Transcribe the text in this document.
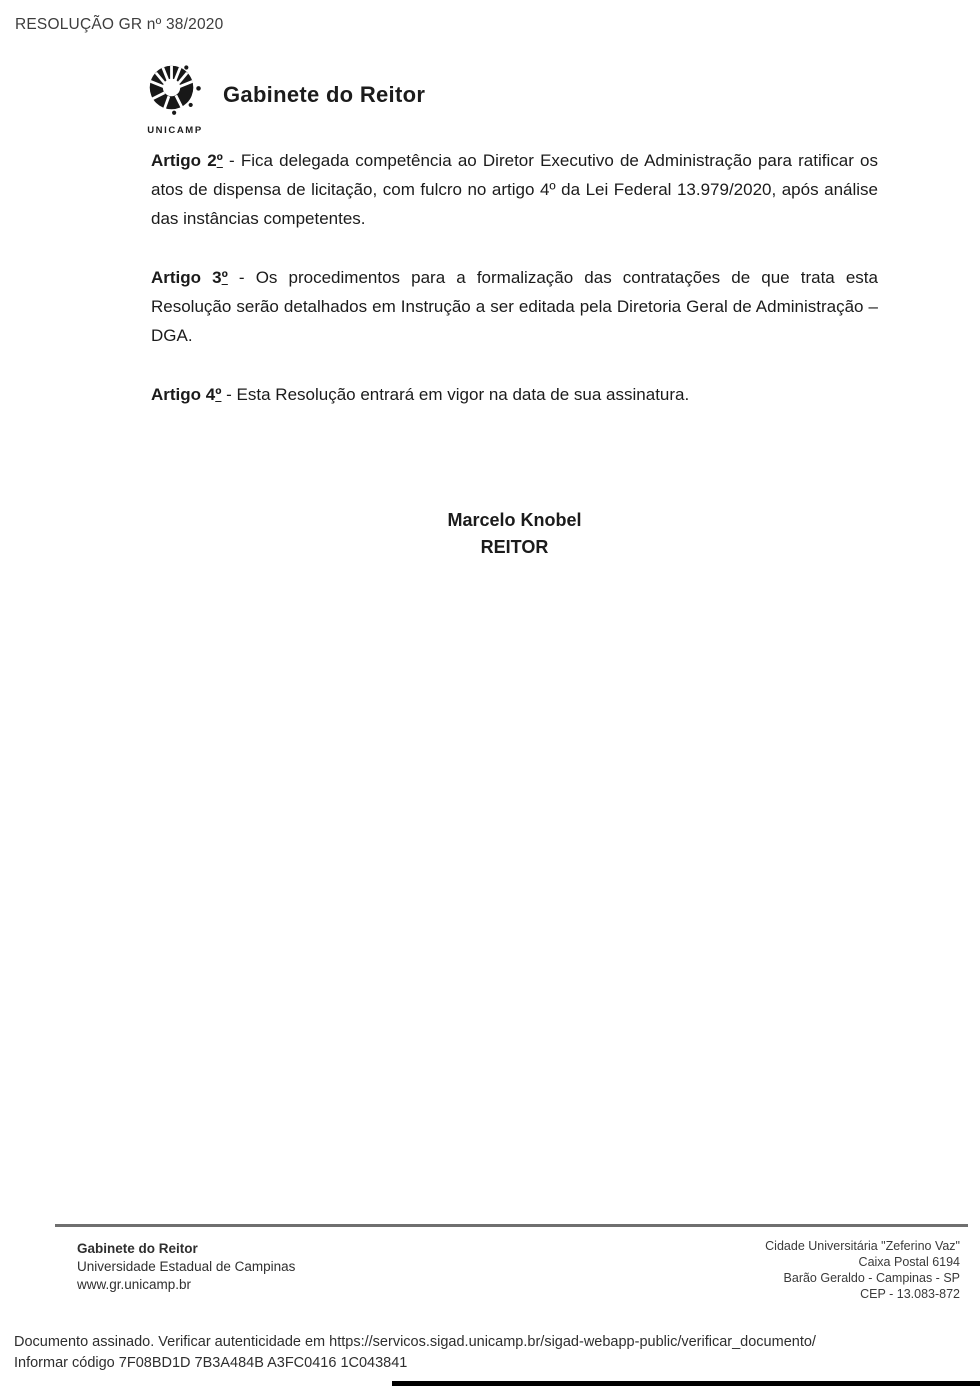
RESOLUÇÃO GR nº 38/2020
UNICAMP
Gabinete do Reitor

Artigo 2º - Fica delegada competência ao Diretor Executivo de Administração para ratificar os atos de dispensa de licitação, com fulcro no artigo 4º da Lei Federal 13.979/2020, após análise das instâncias competentes.

Artigo 3º - Os procedimentos para a formalização das contratações de que trata esta Resolução serão detalhados em Instrução a ser editada pela Diretoria Geral de Administração – DGA.

Artigo 4º - Esta Resolução entrará em vigor na data de sua assinatura.

Marcelo Knobel
REITOR
Gabinete do Reitor
Universidade Estadual de Campinas
www.gr.unicamp.br
Cidade Universitária "Zeferino Vaz"
Caixa Postal 6194
Barão Geraldo - Campinas - SP
CEP - 13.083-872
Documento assinado. Verificar autenticidade em https://servicos.sigad.unicamp.br/sigad-webapp-public/verificar_documento/
Informar código 7F08BD1D 7B3A484B A3FC0416 1C043841
